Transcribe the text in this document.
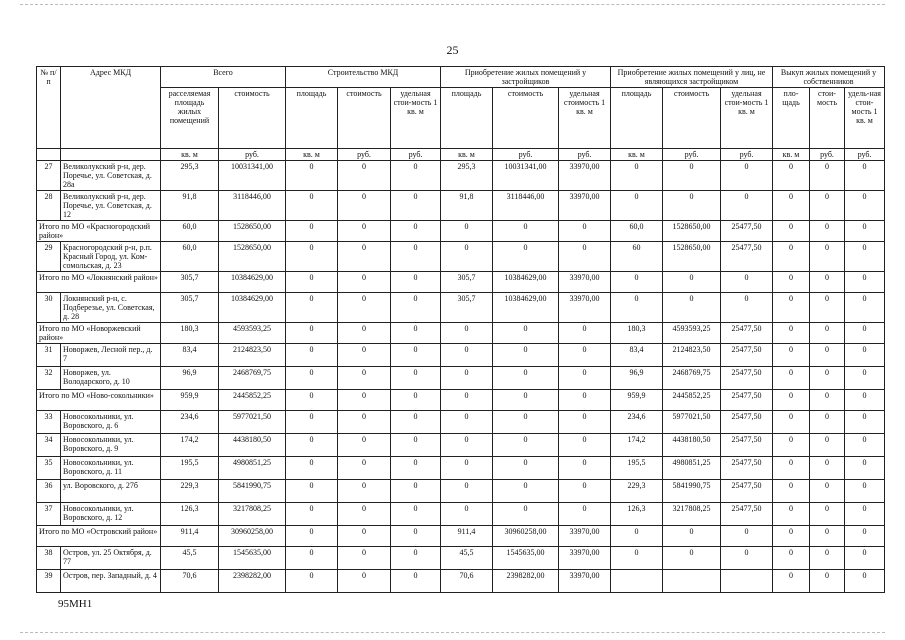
25
№ п/п	Адрес МКД	Всего		Строительство МКД			Приобретение жилых помещений у застройщиков			Приобретение жилых помещений у лиц, не являющихся застройщиком			Выкуп жилых помещений у собственников		
		расселяемая площадь жилых помещений	стоимость	площадь	стоимость	удельная стои-мость 1 кв. м	площадь	стоимость	удельная стоимость 1 кв. м	площадь	стоимость	удельная стои-мость 1 кв. м	пло-щадь	стои-мость	удель-ная стои-мость 1 кв. м
		кв. м	руб.	кв. м	руб.	руб.	кв. м	руб.	руб.	кв. м	руб.	руб.	кв. м	руб.	руб.
27	Великолукский р-н, дер. Поречье, ул. Советская, д. 28а	295,3	10031341,00	0	0	0	295,3	10031341,00	33970,00	0	0	0	0	0	0
28	Великолукский р-н, дер. Поречье, ул. Советская, д. 12	91,8	3118446,00	0	0	0	91,8	3118446,00	33970,00	0	0	0	0	0	0
Итого по МО «Красногородский район»		60,0	1528650,00	0	0	0	0	0	0	60,0	1528650,00	25477,50	0	0	0
29	Красногородский р-н, р.п. Красный Город, ул. Ком-сомольская, д. 23	60,0	1528650,00	0	0	0	0	0	0	60	1528650,00	25477,50	0	0	0
Итого по МО «Локнянский район»		305,7	10384629,00	0	0	0	305,7	10384629,00	33970,00	0	0	0	0	0	0
30	Локнянский р-н, с. Подберезье, ул. Советская, д. 28	305,7	10384629,00	0	0	0	305,7	10384629,00	33970,00	0	0	0	0	0	0
Итого по МО «Новоржевский район»		180,3	4593593,25	0	0	0	0	0	0	180,3	4593593,25	25477,50	0	0	0
31	Новоржев, Лесной пер., д. 7	83,4	2124823,50	0	0	0	0	0	0	83,4	2124823,50	25477,50	0	0	0
32	Новоржев, ул. Володарского, д. 10	96,9	2468769,75	0	0	0	0	0	0	96,9	2468769,75	25477,50	0	0	0
Итого по МО «Ново-сокольники»		959,9	2445852,25	0	0	0	0	0	0	959,9	2445852,25	25477,50	0	0	0
33	Новосокольники, ул. Воровского, д. 6	234,6	5977021,50	0	0	0	0	0	0	234,6	5977021,50	25477,50	0	0	0
34	Новосокольники, ул. Воровского, д. 9	174,2	4438180,50	0	0	0	0	0	0	174,2	4438180,50	25477,50	0	0	0
35	Новосокольники, ул. Воровского, д. 11	195,5	4980851,25	0	0	0	0	0	0	195,5	4980851,25	25477,50	0	0	0
36	ул. Воровского, д. 27б	229,3	5841990,75	0	0	0	0	0	0	229,3	5841990,75	25477,50	0	0	0
37	Новосокольники, ул. Воровского, д. 12	126,3	3217808,25	0	0	0	0	0	0	126,3	3217808,25	25477,50	0	0	0
Итого по МО «Островский район»		911,4	30960258,00	0	0	0	911,4	30960258,00	33970,00	0	0	0	0	0	0
38	Остров, ул. 25 Октября, д. 77	45,5	1545635,00	0	0	0	45,5	1545635,00	33970,00	0	0	0	0	0	0
39	Остров, пер. Западный, д. 4	70,6	2398282,00	0	0	0	70,6	2398282,00	33970,00				0	0	0
95МН1
